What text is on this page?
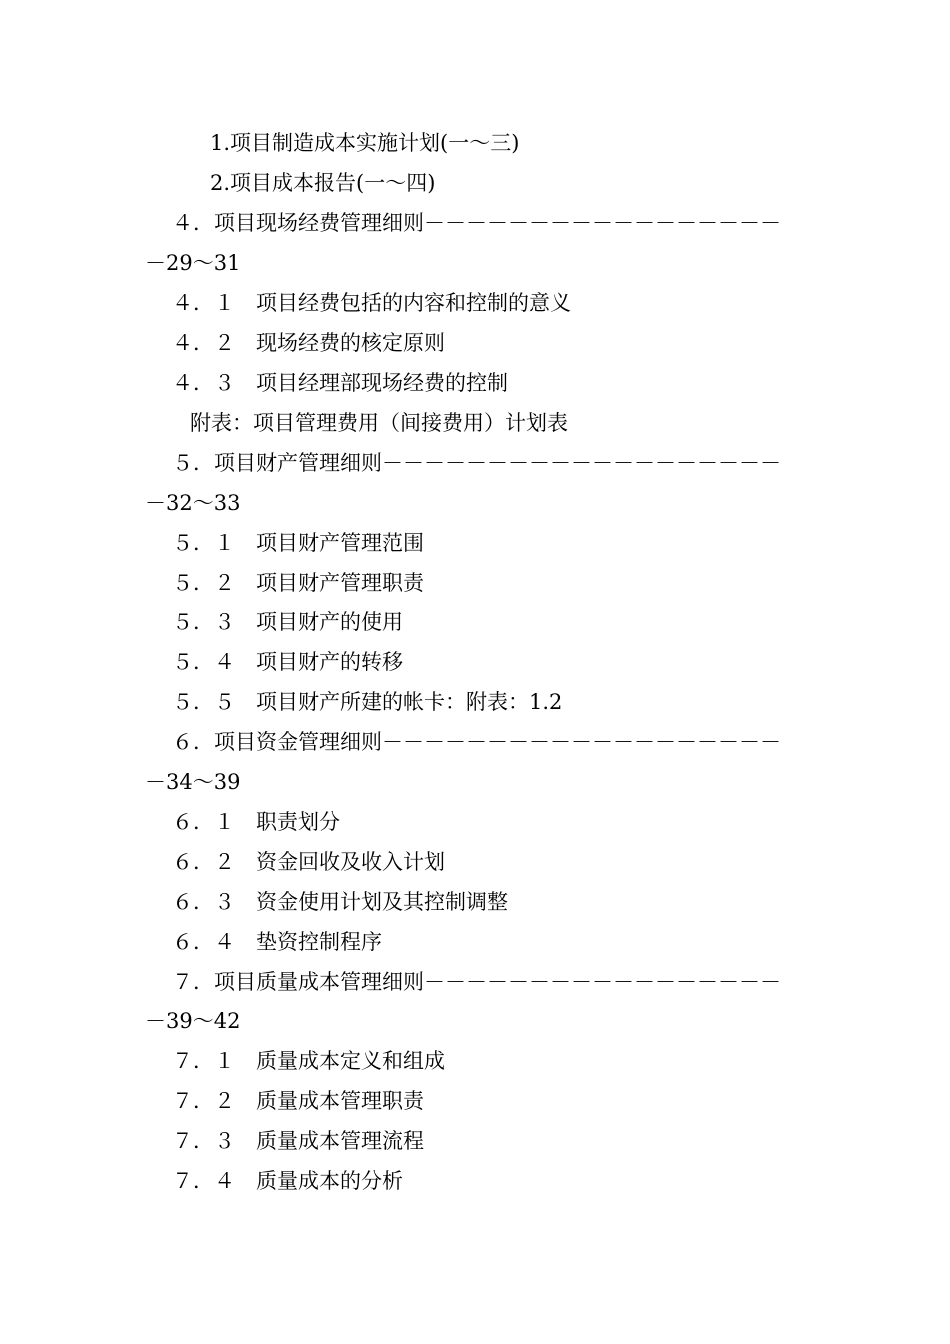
1.项目制造成本实施计划(一～三)
2.项目成本报告(一～四)
４．项目现场经费管理细则－－－－－－－－－－－－－－－－－
－29～31
４．１ 项目经费包括的内容和控制的意义
４．２ 现场经费的核定原则
４．３ 项目经理部现场经费的控制
附表：项目管理费用（间接费用）计划表
５．项目财产管理细则－－－－－－－－－－－－－－－－－－－
－32～33
５．１ 项目财产管理范围
５．２ 项目财产管理职责
５．３ 项目财产的使用
５．４ 项目财产的转移
５．５ 项目财产所建的帐卡：附表：1.2
６．项目资金管理细则－－－－－－－－－－－－－－－－－－－
－34～39
６．１ 职责划分
６．２ 资金回收及收入计划
６．３ 资金使用计划及其控制调整
６．４ 垫资控制程序
７．项目质量成本管理细则－－－－－－－－－－－－－－－－－
－39～42
７．１ 质量成本定义和组成
７．２ 质量成本管理职责
７．３ 质量成本管理流程
７．４ 质量成本的分析
